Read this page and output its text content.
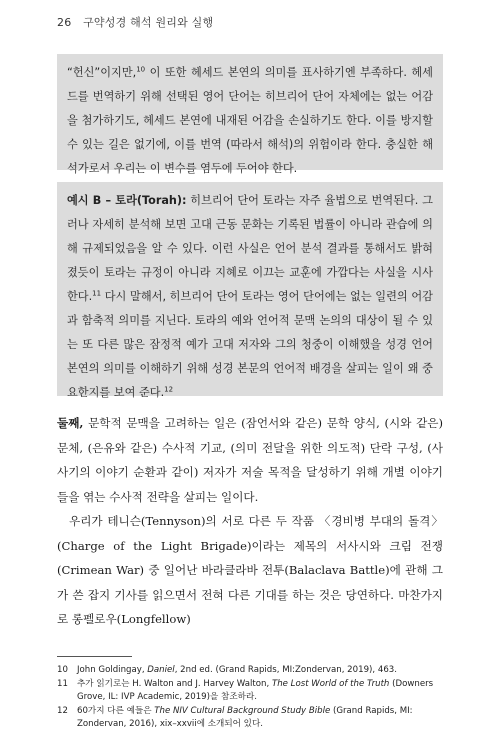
26 구약성경 해석 원리와 실행

“헌신”이지만,$^{10}$ 이 또한 헤세드 본연의 의미를 표사하기엔 부족하다. 헤세드를 번역하기 위해 선택된 영어 단어는 히브리어 단어 자체에는 없는 어감을 첨가하기도, 헤세드 본연에 내재된 어감을 손실하기도 한다. 이를 방지할 수 있는 길은 없기에, 이를 번역 (따라서 해석)의 위험이라 한다. 충실한 해석가로서 우리는 이 변수를 염두에 두어야 한다.

예시 B – 토라(Torah): 히브리어 단어 토라는 자주 율법으로 번역된다. 그러나 자세히 분석해 보면 고대 근동 문화는 기록된 법률이 아니라 관습에 의해 규제되었음을 알 수 있다. 이런 사실은 언어 분석 결과를 통해서도 밝혀졌듯이 토라는 규정이 아니라 지혜로 이끄는 교훈에 가깝다는 사실을 시사한다.$^{11}$ 다시 말해서, 히브리어 단어 토라는 영어 단어에는 없는 일련의 어감과 함축적 의미를 지닌다. 토라의 예와 언어적 문맥 논의의 대상이 될 수 있는 또 다른 많은 잠정적 예가 고대 저자와 그의 청중이 이해했을 성경 언어 본연의 의미를 이해하기 위해 성경 본문의 언어적 배경을 살피는 일이 왜 중요한지를 보여 준다.$^{12}$

둘째, 문학적 문맥을 고려하는 일은 (잠언서와 같은) 문학 양식, (시와 같은) 문체, (은유와 같은) 수사적 기교, (의미 전달을 위한 의도적) 단락 구성, (사사기의 이야기 순환과 같이) 저자가 저술 목적을 달성하기 위해 개별 이야기들을 엮는 수사적 전략을 살피는 일이다.

우리가 테니슨(Tennyson)의 서로 다른 두 작품 〈경비병 부대의 돌격〉(Charge of the Light Brigade)이라는 제목의 서사시와 크림 전쟁(Crimean War) 중 일어난 바라클라바 전투(Balaclava Battle)에 관해 그가 쓴 잡지 기사를 읽으면서 전혀 다른 기대를 하는 것은 당연하다. 마찬가지로 롱펠로우(Longfellow)

10	John Goldingay, Daniel, 2nd ed. (Grand Rapids, MI:Zondervan, 2019), 463.
11	추가 읽기로는 H. Walton and J. Harvey Walton, The Lost World of the Truth (Downers Grove, IL: IVP Academic, 2019)을 참조하라.
12	60가지 다른 예들은 The NIV Cultural Background Study Bible (Grand Rapids, MI: Zondervan, 2016), xix–xxvii에 소개되어 있다.
